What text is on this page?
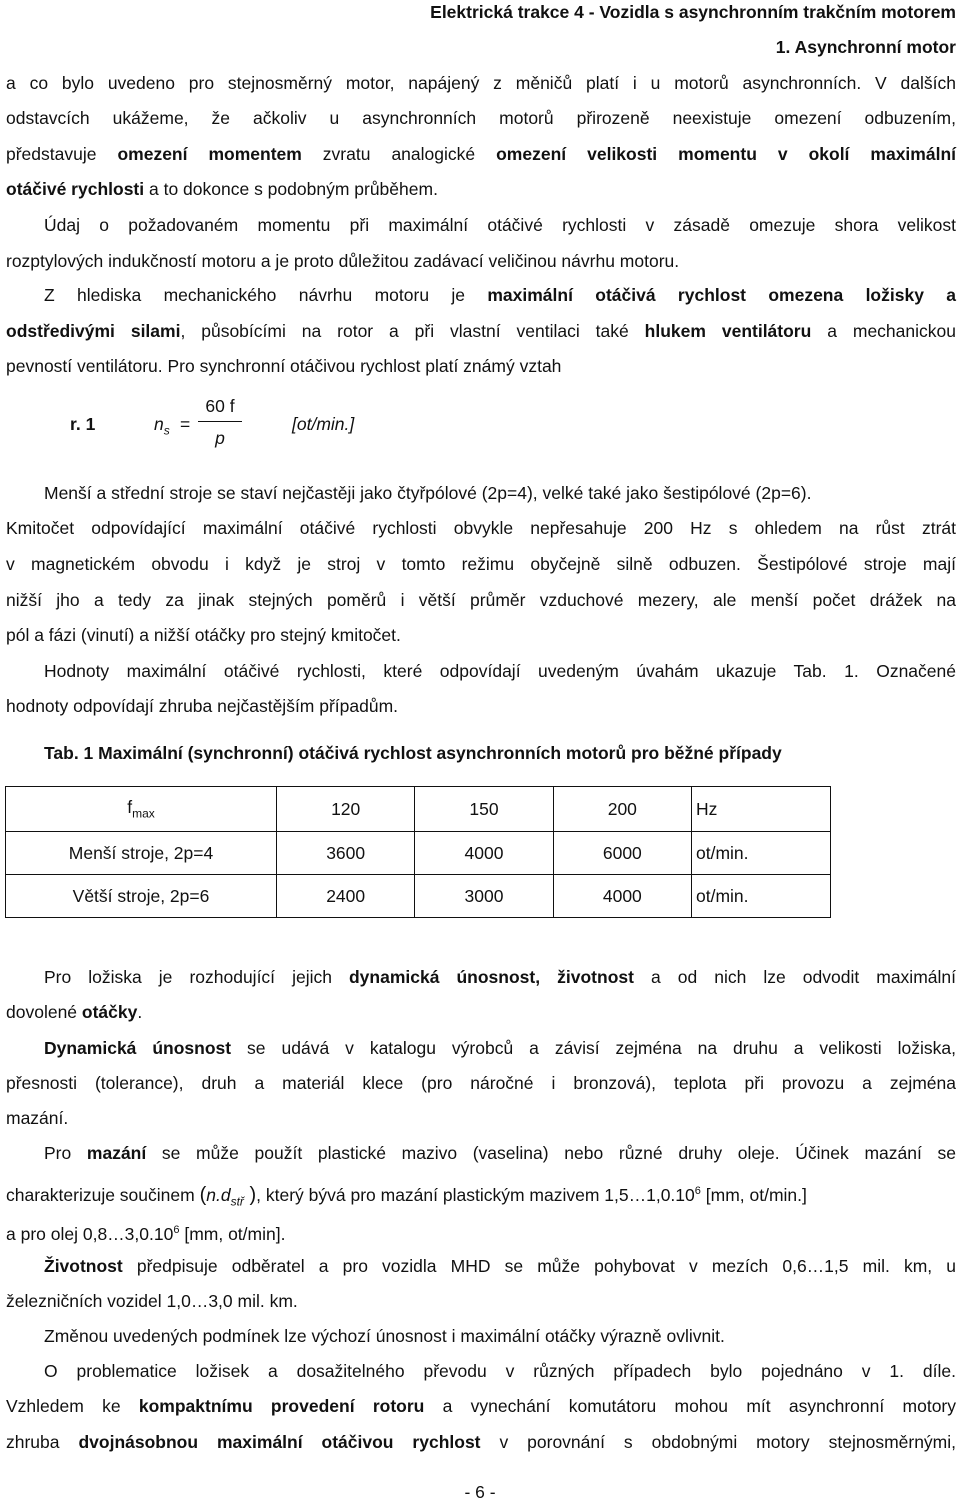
Elektrická trakce 4 - Vozidla s asynchronním trakčním motorem
1. Asynchronní motor
a co bylo uvedeno pro stejnosměrný motor, napájený z měničů platí i u motorů asynchronních. V dalších
odstavcích ukážeme, že ačkoliv u asynchronních motorů přirozeně neexistuje omezení odbuzením,
představuje omezení momentem zvratu analogické omezení velikosti momentu v okolí maximální
otáčivé rychlosti a to dokonce s podobným průběhem.
Údaj o požadovaném momentu při maximální otáčivé rychlosti v zásadě omezuje shora velikost
rozptylových indukčností motoru a je proto důležitou zadávací veličinou návrhu motoru.
Z hlediska mechanického návrhu motoru je maximální otáčivá rychlost omezena ložisky a
odstředivými silami, působícími na rotor a při vlastní ventilaci také hlukem ventilátoru a mechanickou
pevností ventilátoru. Pro synchronní otáčivou rychlost platí známý vztah
r. 1	$n_s$ =
60 f
p
[ot/min.]
Menší a střední stroje se staví nejčastěji jako čtyřpólové (2p=4), velké také jako šestipólové (2p=6).
Kmitočet odpovídající maximální otáčivé rychlosti obvykle nepřesahuje 200 Hz s ohledem na růst ztrát
v magnetickém obvodu i když je stroj v tomto režimu obyčejně silně odbuzen. Šestipólové stroje mají
nižší jho a tedy za jinak stejných poměrů i větší průměr vzduchové mezery, ale menší počet drážek na
pól a fázi (vinutí) a nižší otáčky pro stejný kmitočet.
Hodnoty maximální otáčivé rychlosti, které odpovídají uvedeným úvahám ukazuje Tab. 1. Označené
hodnoty odpovídají zhruba nejčastějším případům.
Tab. 1 Maximální (synchronní) otáčivá rychlost asynchronních motorů pro běžné případy
$f_{max}$	120	150	200	Hz
Menší stroje, 2p=4	3600	4000	6000	ot/min.
Větší stroje, 2p=6	2400	3000	4000	ot/min.
Pro ložiska je rozhodující jejich dynamická únosnost, životnost a od nich lze odvodit maximální
dovolené otáčky.
Dynamická únosnost se udává v katalogu výrobců a závisí zejména na druhu a velikosti ložiska,
přesnosti (tolerance), druh a materiál klece (pro náročné i bronzová), teplota při provozu a zejména
mazání.
Pro mazání se může použít plastické mazivo (vaselina) nebo různé druhy oleje. Účinek mazání se
charakterizuje součinem ($n.d_{stř}$ ), který bývá pro mazání plastickým mazivem 1,5…1,0.10$^6$ [mm, ot/min.]
a pro olej 0,8…3,0.10$^6$ [mm, ot/min].
Životnost předpisuje odběratel a pro vozidla MHD se může pohybovat v mezích 0,6…1,5 mil. km, u
železničních vozidel 1,0…3,0 mil. km.
Změnou uvedených podmínek lze výchozí únosnost i maximální otáčky výrazně ovlivnit.
O problematice ložisek a dosažitelného převodu v různých případech bylo pojednáno v 1. díle.
Vzhledem ke kompaktnímu provedení rotoru a vynechání komutátoru mohou mít asynchronní motory
zhruba dvojnásobnou maximální otáčivou rychlost v porovnání s obdobnými motory stejnosměrnými,
- 6 -
